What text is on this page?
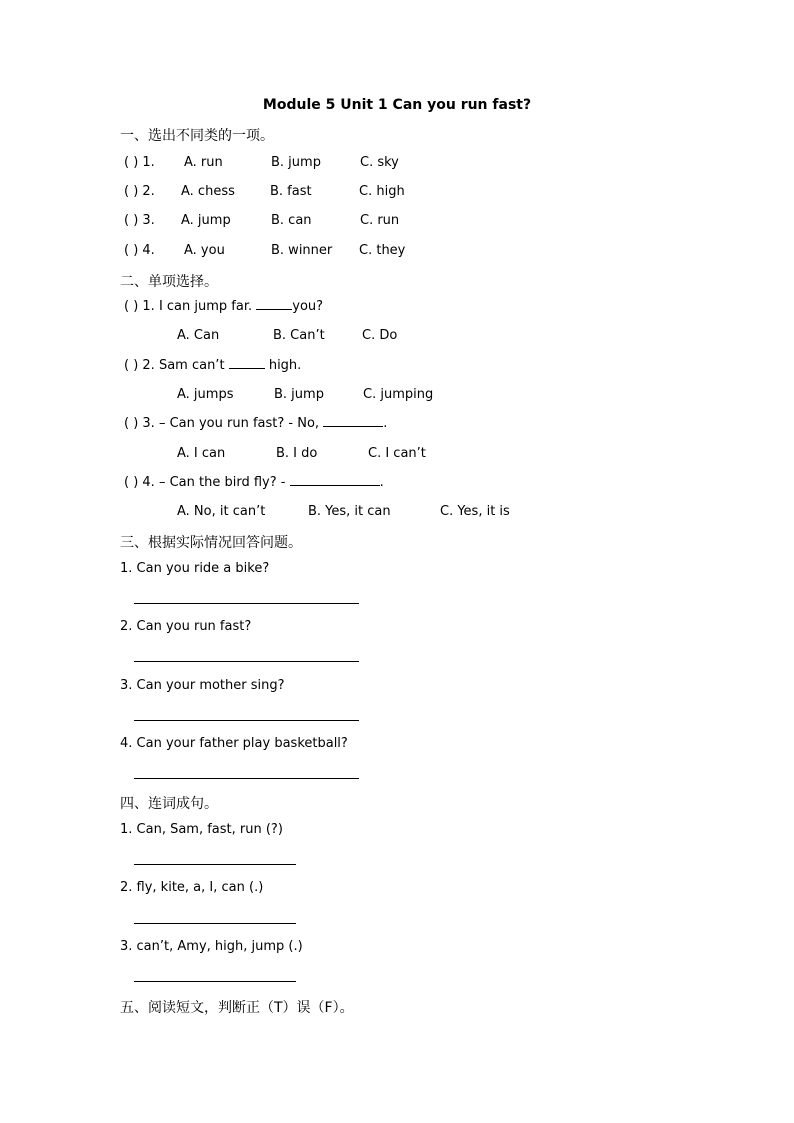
Module 5 Unit 1 Can you run fast?
一、选出不同类的一项。
( ) 1. A. run	B. jump	C. sky
( ) 2. A. chess	B. fast	C. high
( ) 3. A. jump	B. can	C. run
( ) 4. A. you	B. winner C. they
二、单项选择。
( ) 1. I can jump far.	you?
A. Can	B. Can’t	C. Do
( ) 2. Sam can’t	high.
A. jumps	B. jump	C. jumping
( ) 3. – Can you run fast? - No,	.
A. I can	B. I do	C. I can’t
( ) 4. – Can the bird fly? -	.
A. No, it can’t	B. Yes, it can	C. Yes, it is
三、根据实际情况回答问题。
1. Can you ride a bike?
2. Can you run fast?
3. Can your mother sing?
4. Can your father play basketball?
四、连词成句。
1. Can, Sam, fast, run (?)
2. fly, kite, a, I, can (.)
3. can’t, Amy, high, jump (.)
五、阅读短文，判断正（T）误（F）。
